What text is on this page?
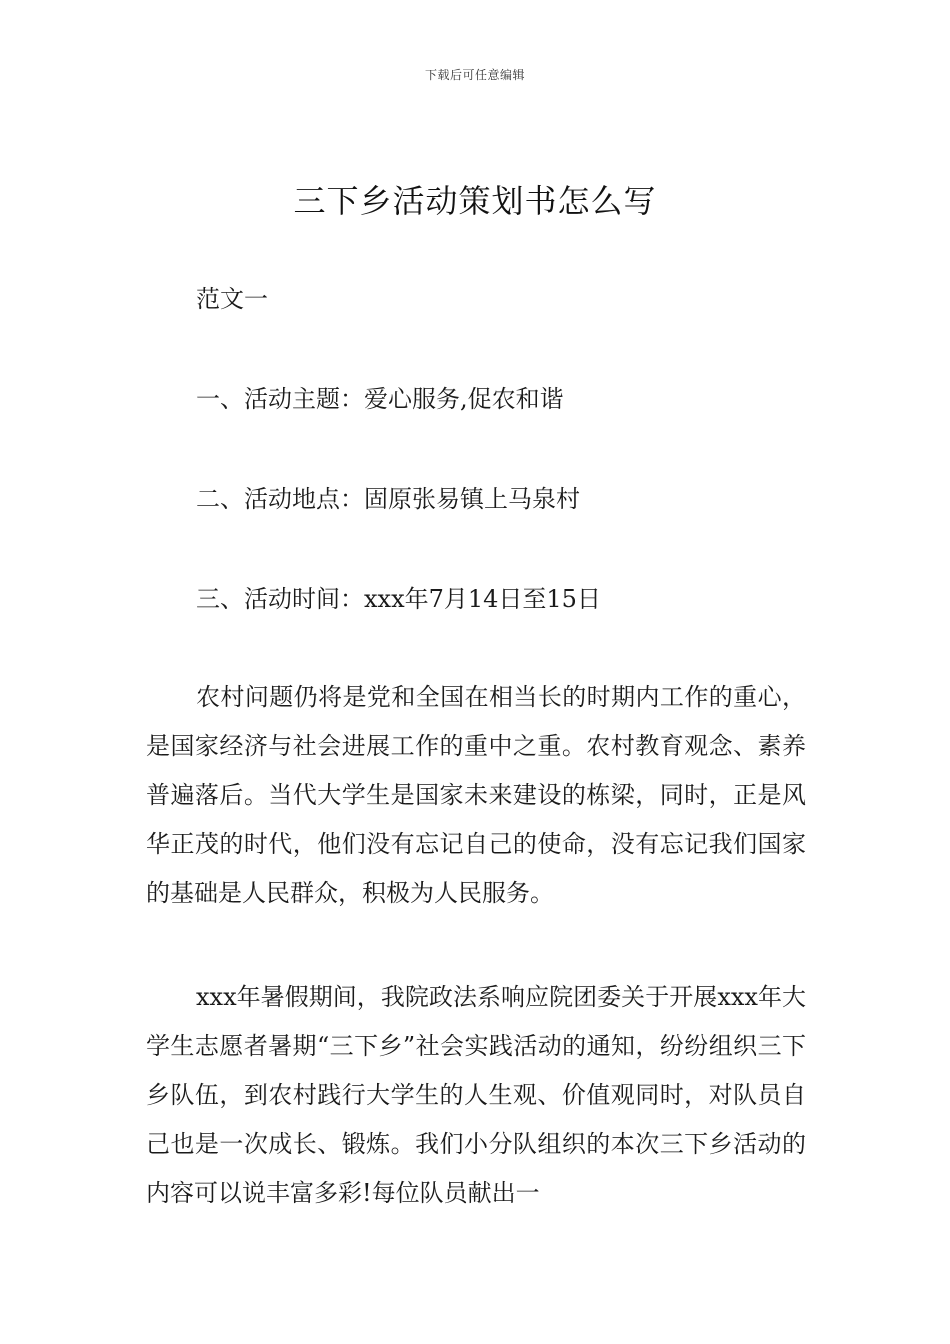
下载后可任意编辑
三下乡活动策划书怎么写
范文一
一、活动主题：爱心服务,促农和谐
二、活动地点：固原张易镇上马泉村
三、活动时间：xxx年7月14日至15日

农村问题仍将是党和全国在相当长的时期内工作的重心，是国家经济与社会进展工作的重中之重。农村教育观念、素养普遍落后。当代大学生是国家未来建设的栋梁，同时，正是风华正茂的时代，他们没有忘记自己的使命，没有忘记我们国家的基础是人民群众，积极为人民服务。

xxx年暑假期间，我院政法系响应院团委关于开展xxx年大学生志愿者暑期“三下乡”社会实践活动的通知，纷纷组织三下乡队伍，到农村践行大学生的人生观、价值观同时，对队员自己也是一次成长、锻炼。我们小分队组织的本次三下乡活动的内容可以说丰富多彩!每位队员献出一
